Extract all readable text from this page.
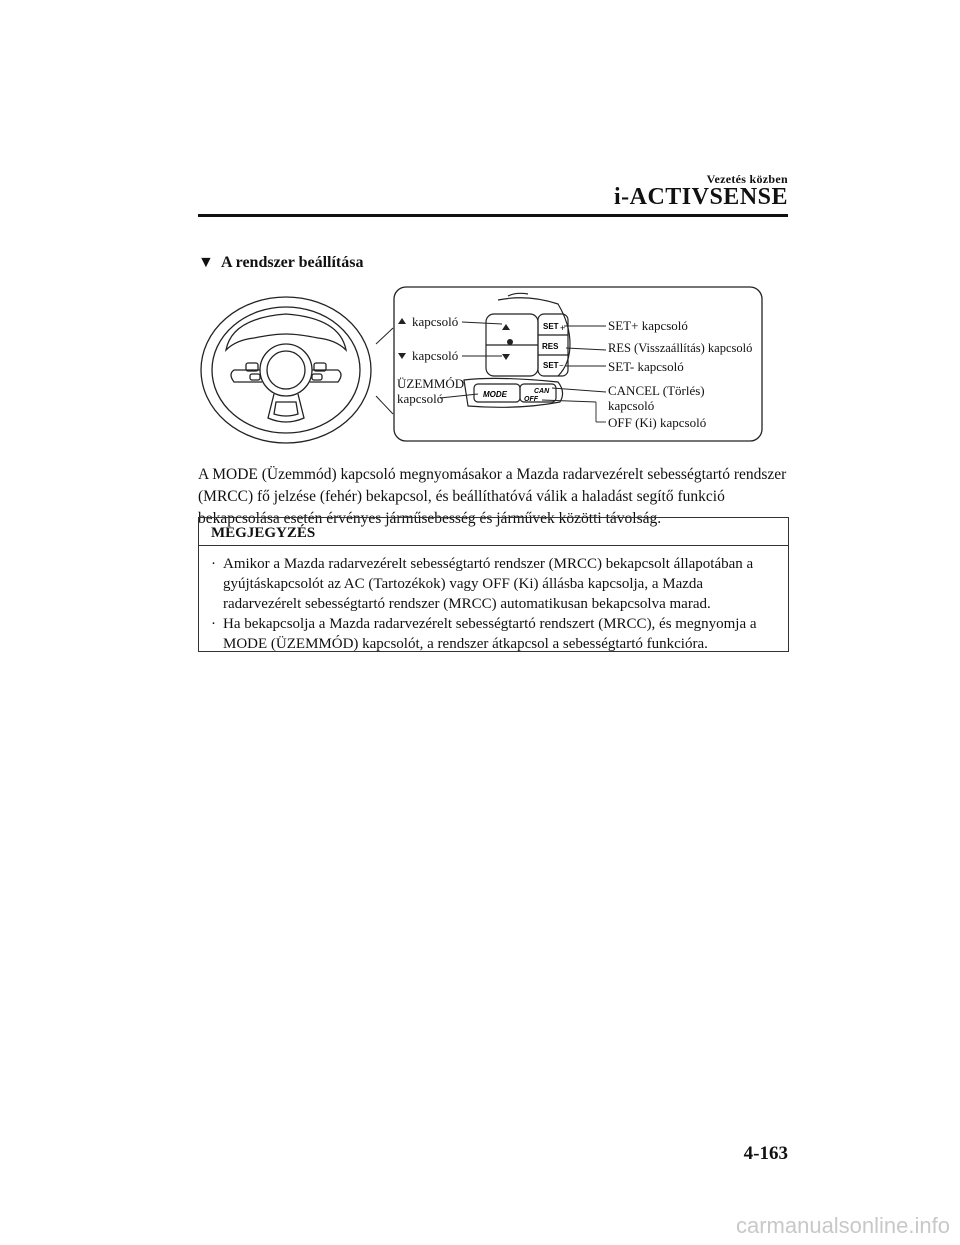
Vezetés közben
i-ACTIVSENSE
▼ A rendszer beállítása
SET +
RES
SET −
MODE	CAN
OFF
kapcsoló
kapcsoló
ÜZEMMÓD
kapcsoló
SET+ kapcsoló
RES (Visszaállítás) kapcsoló
SET- kapcsoló
CANCEL (Törlés)
kapcsoló
OFF (Ki) kapcsoló
A MODE (Üzemmód) kapcsoló megnyomásakor a Mazda radarvezérelt sebességtartó rendszer (MRCC) fő jelzése (fehér) bekapcsol, és beállíthatóvá válik a haladást segítő funkció bekapcsolása esetén érvényes járműsebesség és járművek közötti távolság.
MEGJEGYZÉS
· Amikor a Mazda radarvezérelt sebességtartó rendszer (MRCC) bekapcsolt állapotában a gyújtáskapcsolót az AC (Tartozékok) vagy OFF (Ki) állásba kapcsolja, a Mazda radarvezérelt sebességtartó rendszer (MRCC) automatikusan bekapcsolva marad.
· Ha bekapcsolja a Mazda radarvezérelt sebességtartó rendszert (MRCC), és megnyomja a MODE (ÜZEMMÓD) kapcsolót, a rendszer átkapcsol a sebességtartó funkcióra.
4-163
carmanualsonline.info
